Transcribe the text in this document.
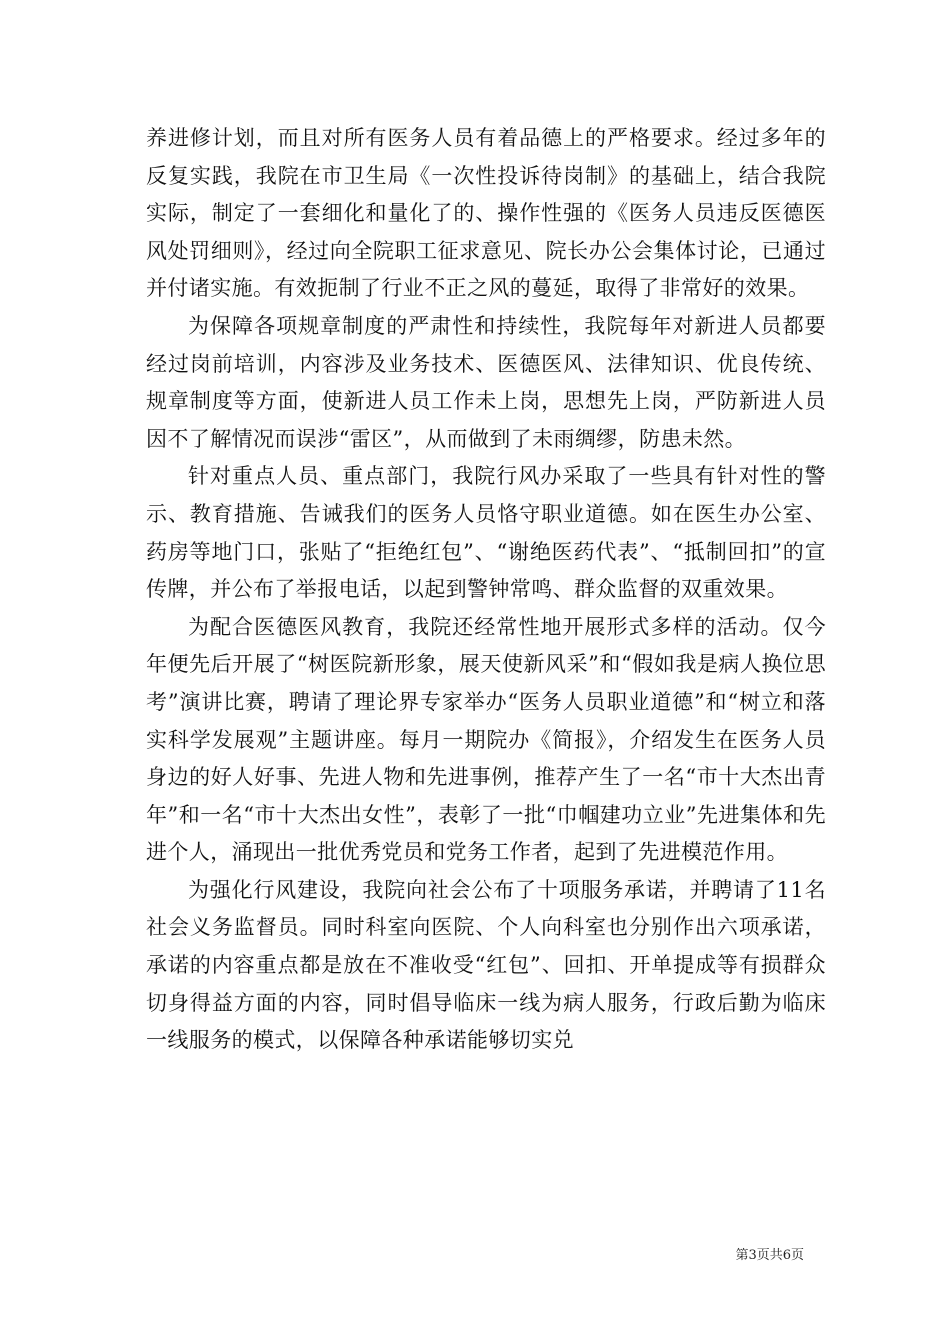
养进修计划，而且对所有医务人员有着品德上的严格要求。经过多年的反复实践，我院在市卫生局《一次性投诉待岗制》的基础上，结合我院实际，制定了一套细化和量化了的、操作性强的《医务人员违反医德医风处罚细则》，经过向全院职工征求意见、院长办公会集体讨论，已通过并付诸实施。有效扼制了行业不正之风的蔓延，取得了非常好的效果。

为保障各项规章制度的严肃性和持续性，我院每年对新进人员都要经过岗前培训，内容涉及业务技术、医德医风、法律知识、优良传统、规章制度等方面，使新进人员工作未上岗，思想先上岗，严防新进人员因不了解情况而误涉“雷区”，从而做到了未雨绸缪，防患未然。

针对重点人员、重点部门，我院行风办采取了一些具有针对性的警示、教育措施、告诫我们的医务人员恪守职业道德。如在医生办公室、药房等地门口，张贴了“拒绝红包”、“谢绝医药代表”、“抵制回扣”的宣传牌，并公布了举报电话，以起到警钟常鸣、群众监督的双重效果。

为配合医德医风教育，我院还经常性地开展形式多样的活动。仅今年便先后开展了“树医院新形象，展天使新风采”和“假如我是病人换位思考”演讲比赛，聘请了理论界专家举办“医务人员职业道德”和“树立和落实科学发展观”主题讲座。每月一期院办《简报》，介绍发生在医务人员身边的好人好事、先进人物和先进事例，推荐产生了一名“市十大杰出青年”和一名“市十大杰出女性”，表彰了一批“巾帼建功立业”先进集体和先进个人，涌现出一批优秀党员和党务工作者，起到了先进模范作用。

为强化行风建设，我院向社会公布了十项服务承诺，并聘请了11名社会义务监督员。同时科室向医院、个人向科室也分别作出六项承诺，承诺的内容重点都是放在不准收受“红包”、回扣、开单提成等有损群众切身得益方面的内容，同时倡导临床一线为病人服务，行政后勤为临床一线服务的模式，以保障各种承诺能够切实兑

第3页共6页
